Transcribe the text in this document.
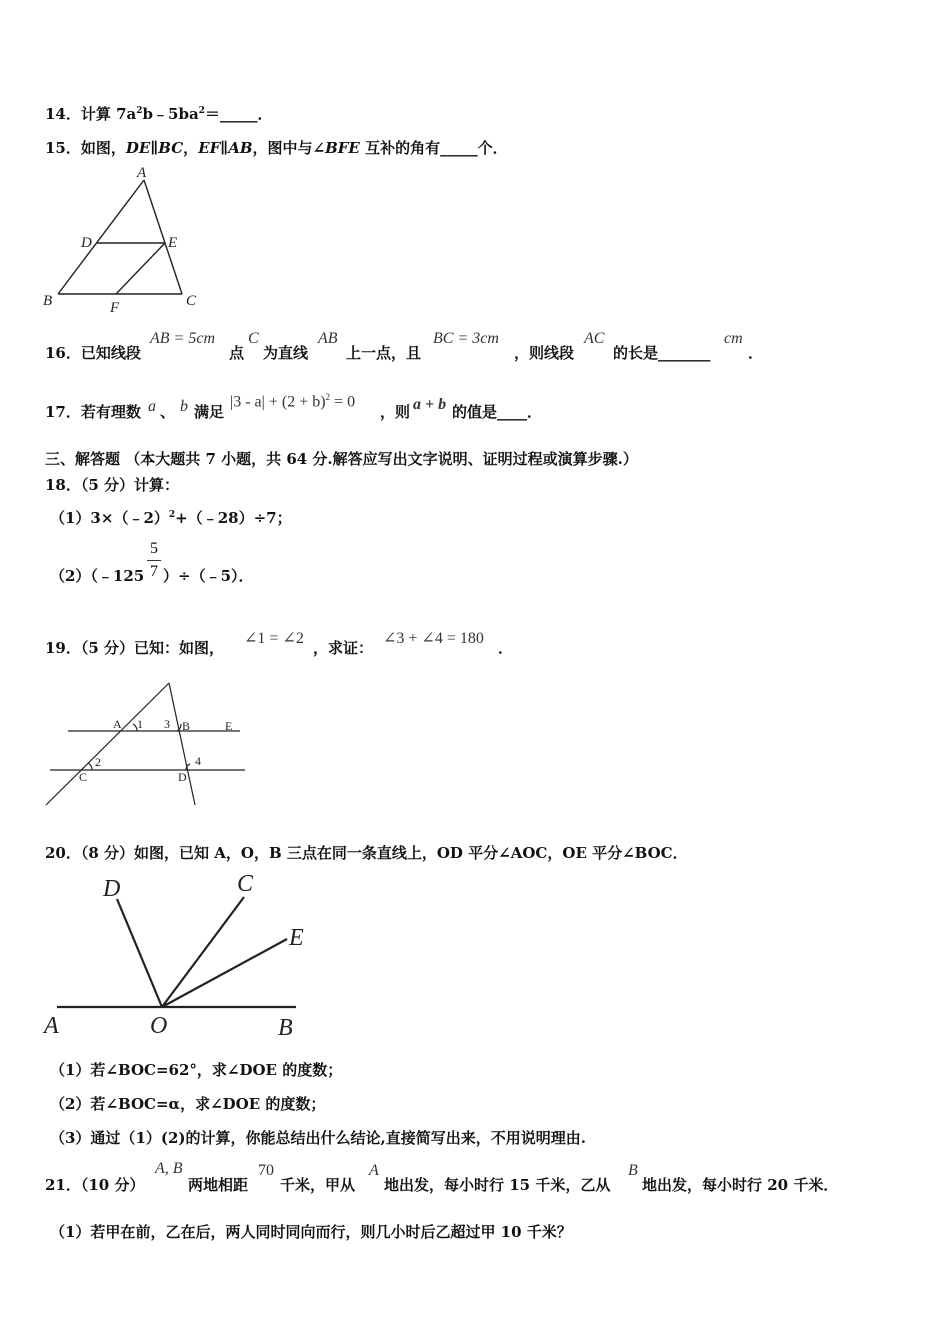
14．计算 $7a^2b﹣5ba^2=\_\_\_\_\_$．
15．如图，DE∥BC，EF∥AB，图中与∠BFE 互补的角有_____个．
A
D	E
B	C
F
16．已知线段
AB = 5cm
点
C
为直线
AB
上一点，且
BC = 3cm
，则线段
AC
的长是_______
cm
．
17．若有理数 a 、 b 满足
$|3 - a| + (2 + b)^2 = 0$
，则 a + b 的值是____．
三、解答题 （本大题共 7 小题，共 64 分.解答应写出文字说明、证明过程或演算步骤.）
18．（5 分）计算：
（1）3×（﹣2）$^2$+（﹣28）÷7；
（2）（﹣125
5
7 ）÷（﹣5）．
19．（5 分）已知：如图，
∠1 = ∠2
，求证：
∠3 + ∠4 = 180
．
A 1 3 B	E
2
C	D
4
20．（8 分）如图，已知 A，O，B 三点在同一条直线上，OD 平分∠AOC，OE 平分∠BOC．
D	C
E
A	O	B
（1）若∠BOC=62°，求∠DOE 的度数；
（2）若∠BOC=α，求∠DOE 的度数；
（3）通过（1）(2)的计算，你能总结出什么结论,直接简写出来，不用说明理由.
21．（10 分）
A, B
两地相距
70
千米，甲从
A
地出发，每小时行 15 千米，乙从
B
地出发，每小时行 20 千米．
（1）若甲在前，乙在后，两人同时同向而行，则几小时后乙超过甲 10 千米？
